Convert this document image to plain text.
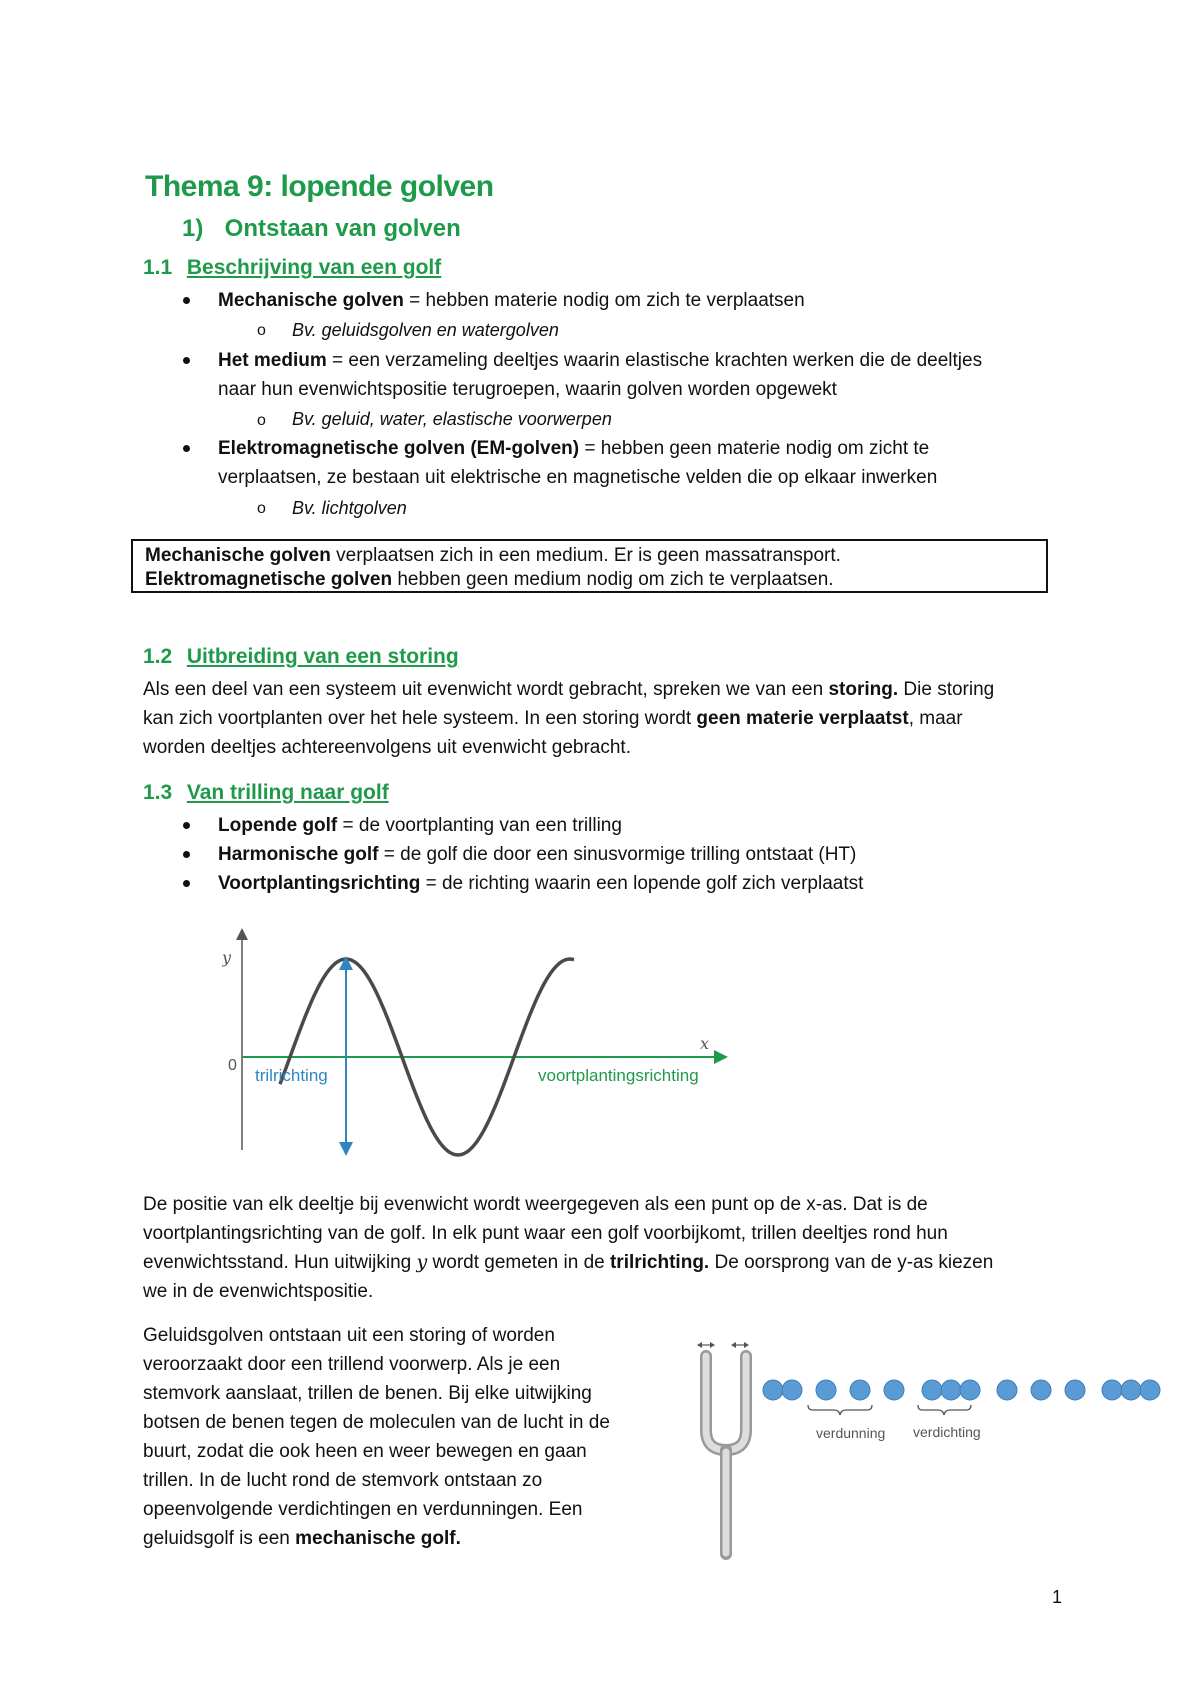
Thema 9: lopende golven
1) Ontstaan van golven
1.1 Beschrijving van een golf
Mechanische golven = hebben materie nodig om zich te verplaatsen
o Bv. geluidsgolven en watergolven
Het medium = een verzameling deeltjes waarin elastische krachten werken die de deeltjes
naar hun evenwichtspositie terugroepen, waarin golven worden opgewekt
o Bv. geluid, water, elastische voorwerpen
Elektromagnetische golven (EM-golven) = hebben geen materie nodig om zicht te
verplaatsen, ze bestaan uit elektrische en magnetische velden die op elkaar inwerken
o Bv. lichtgolven
Mechanische golven verplaatsen zich in een medium. Er is geen massatransport.
Elektromagnetische golven hebben geen medium nodig om zich te verplaatsen.
1.2 Uitbreiding van een storing
Als een deel van een systeem uit evenwicht wordt gebracht, spreken we van een storing. Die storing
kan zich voortplanten over het hele systeem. In een storing wordt geen materie verplaatst, maar
worden deeltjes achtereenvolgens uit evenwicht gebracht.
1.3 Van trilling naar golf
Lopende golf = de voortplanting van een trilling
Harmonische golf = de golf die door een sinusvormige trilling ontstaat (HT)
Voortplantingsrichting = de richting waarin een lopende golf zich verplaatst
y
0
x
trilrichting	voortplantingsrichting
De positie van elk deeltje bij evenwicht wordt weergegeven als een punt op de x-as. Dat is de
voortplantingsrichting van de golf. In elk punt waar een golf voorbijkomt, trillen deeltjes rond hun
evenwichtsstand. Hun uitwijking y wordt gemeten in de trilrichting. De oorsprong van de y-as kiezen
we in de evenwichtspositie.
Geluidsgolven ontstaan uit een storing of worden
veroorzaakt door een trillend voorwerp. Als je een
stemvork aanslaat, trillen de benen. Bij elke uitwijking
botsen de benen tegen de moleculen van de lucht in de
buurt, zodat die ook heen en weer bewegen en gaan
trillen. In de lucht rond de stemvork ontstaan zo
opeenvolgende verdichtingen en verdunningen. Een
geluidsgolf is een mechanische golf.
verdunning verdichting
1
